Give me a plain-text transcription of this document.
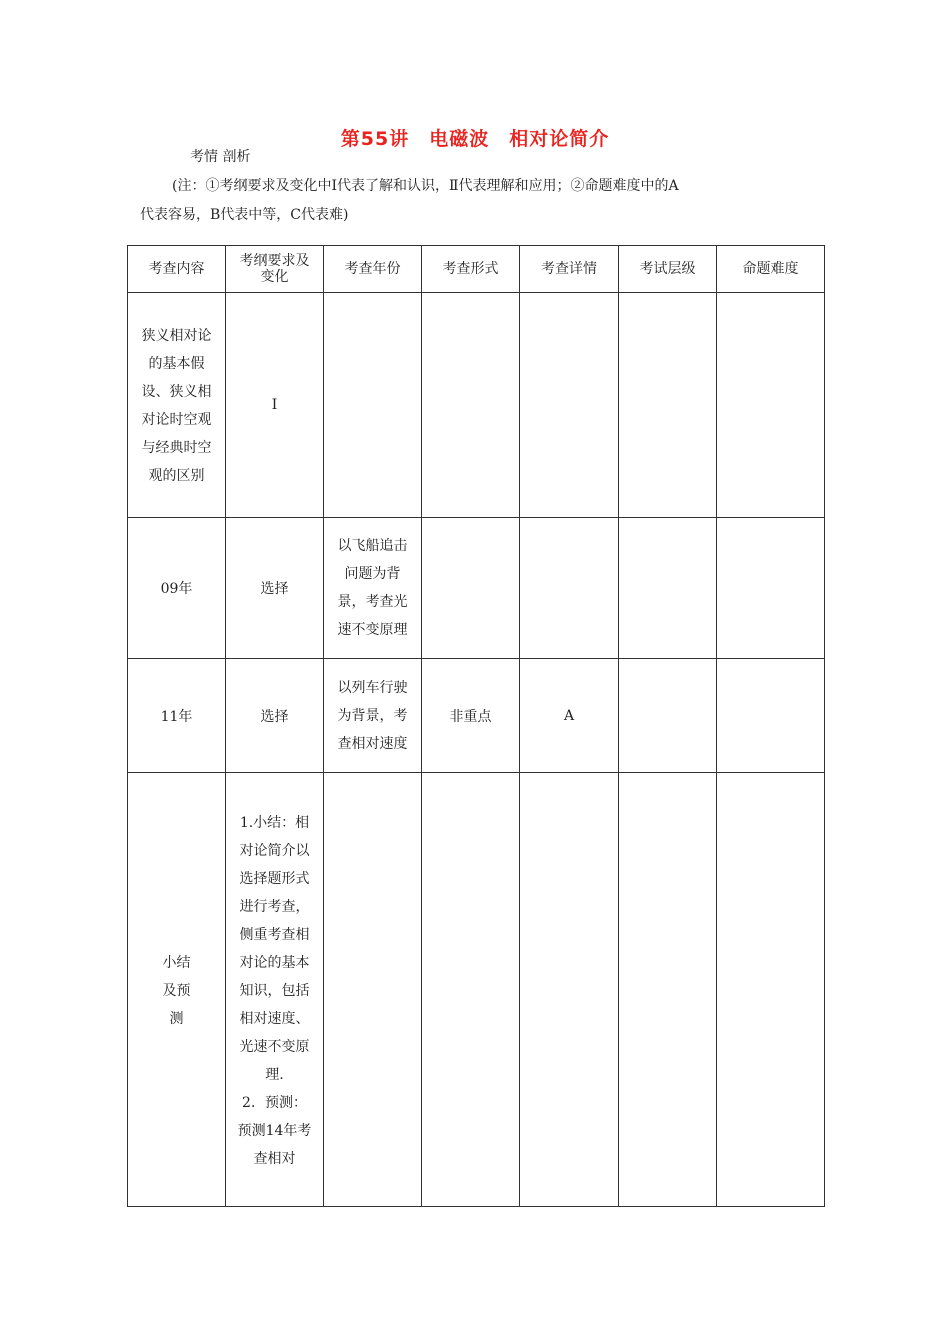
第55讲　电磁波　相对论简介
考情 剖析
(注：①考纲要求及变化中Ⅰ代表了解和认识，Ⅱ代表理解和应用；②命题难度中的A
代表容易，B代表中等，C代表难)
考查内容	考纲要求及变化	考查年份	考查形式	考查详情	考试层级	命题难度

狭义相对论的基本假设、狭义相对论时空观与经典时空观的区别	Ⅰ					
09年	选择	以飞船追击问题为背景，考查光速不变原理				

11年	选择	以列车行驶为背景，考查相对速度	非重点	A		

小结及预测	1.小结：相对论简介以选择题形式进行考查，侧重考查相对论的基本知识，包括相对速度、光速不变原理.
2．预测：预测14年考查相对					
